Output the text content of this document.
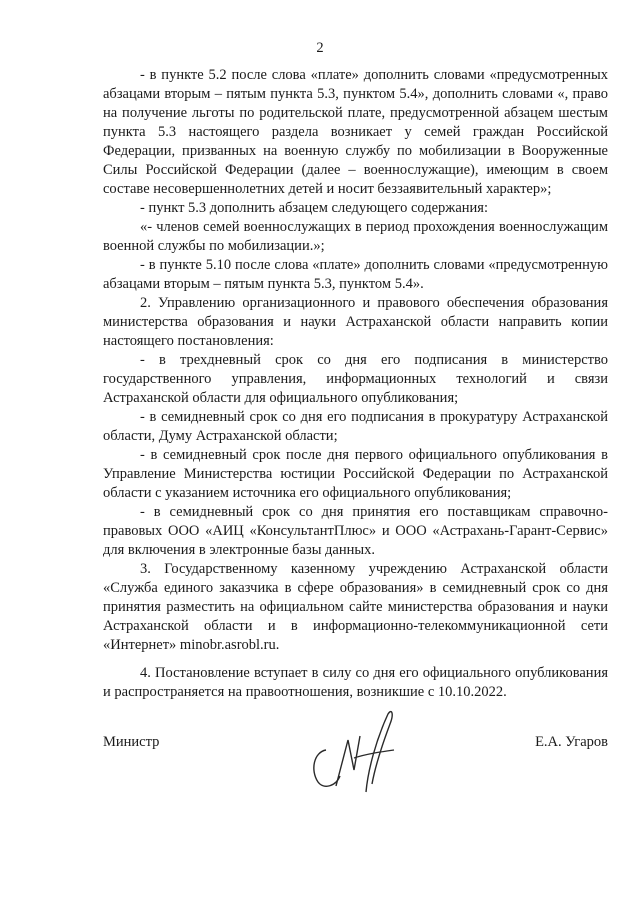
2

- в пункте 5.2 после слова «плате» дополнить словами «предусмотренных абзацами вторым – пятым пункта 5.3, пунктом 5.4», дополнить словами «, право на получение льготы по родительской плате, предусмотренной абзацем шестым пункта 5.3 настоящего раздела возникает у семей граждан Российской Федерации, призванных на военную службу по мобилизации в Вооруженные Силы Российской Федерации (далее – военнослужащие), имеющим в своем составе несовершеннолетних детей и носит беззаявительный характер»;

- пункт 5.3 дополнить абзацем следующего содержания:

«- членов семей военнослужащих в период прохождения военнослужащим военной службы по мобилизации.»;

- в пункте 5.10 после слова «плате» дополнить словами «предусмотренную абзацами вторым – пятым пункта 5.3, пунктом 5.4».

2. Управлению организационного и правового обеспечения образования министерства образования и науки Астраханской области направить копии настоящего постановления:

- в трехдневный срок со дня его подписания в министерство государственного управления, информационных технологий и связи Астраханской области для официального опубликования;

- в семидневный срок со дня его подписания в прокуратуру Астраханской области, Думу Астраханской области;

- в семидневный срок после дня первого официального опубликования в Управление Министерства юстиции Российской Федерации по Астраханской области с указанием источника его официального опубликования;

- в семидневный срок со дня принятия его поставщикам справочно-правовых ООО «АИЦ «КонсультантПлюс» и ООО «Астрахань-Гарант-Сервис» для включения в электронные базы данных.

3. Государственному казенному учреждению Астраханской области «Служба единого заказчика в сфере образования» в семидневный срок со дня принятия разместить на официальном сайте министерства образования и науки Астраханской области и в информационно-телекоммуникационной сети «Интернет» minobr.asrobl.ru.

4. Постановление вступает в силу со дня его официального опубликования и распространяется на правоотношения, возникшие с 10.10.2022.

Министр	Е.А. Угаров
